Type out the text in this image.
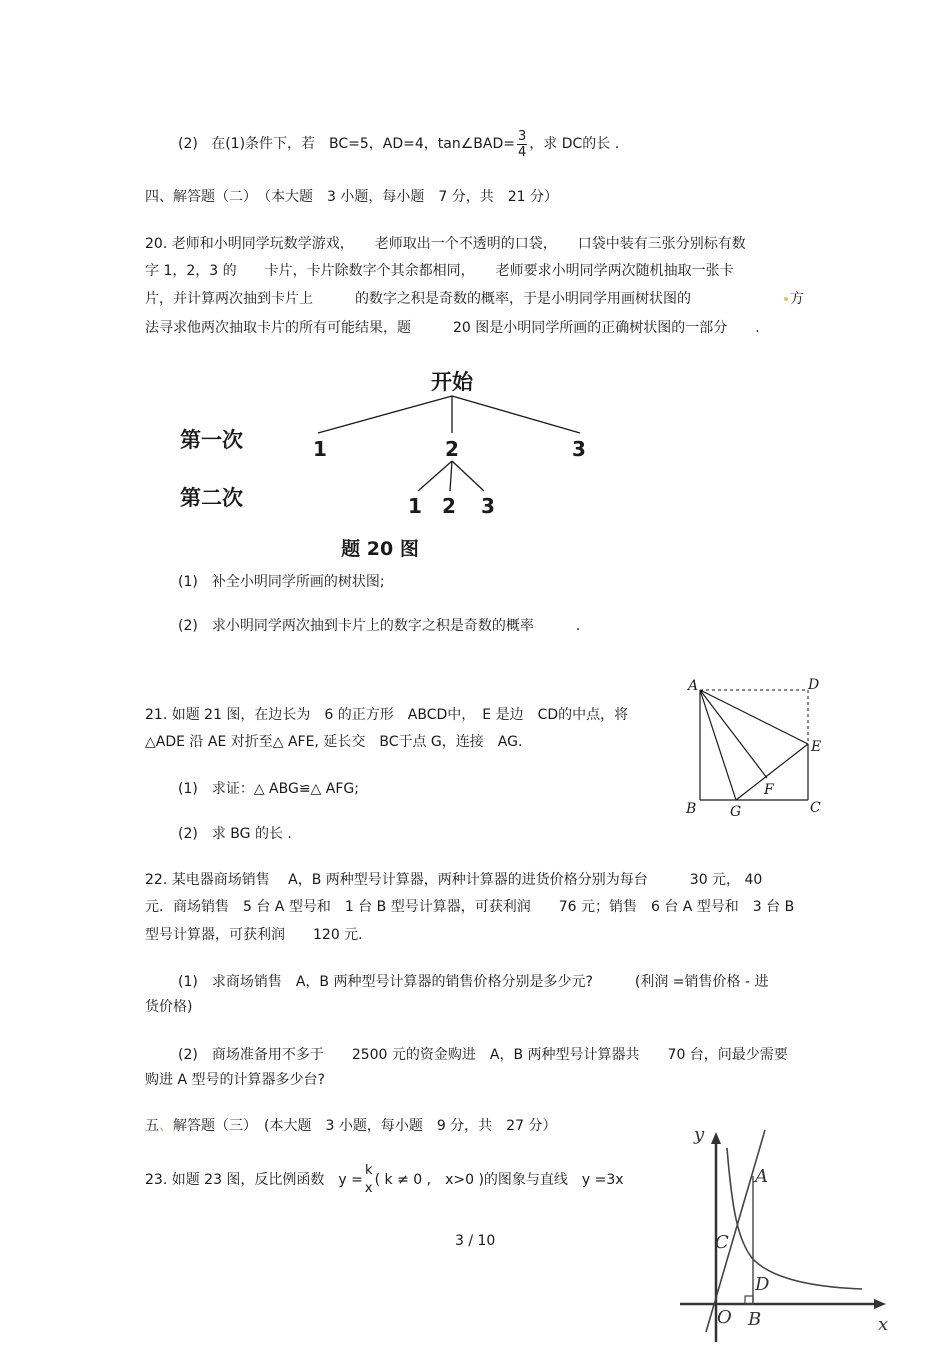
(2) 在(1)条件下，若　BC=5，AD=4，tan∠BAD= $\frac{3}{4}$ ，求 DC的长 .
四、解答题（二）　（本大题　3 小题，每小题　7 分，共　21 分）
20. 老师和小明同学玩数学游戏，　　老师取出一个不透明的口袋，　　口袋中装有三张分别标有数
字 1，2，3 的　　卡片，卡片除数字个其余都相同，　　老师要求小明同学两次随机抽取一张卡
片，并计算两次抽到卡片上　　　的数字之积是奇数的概率，于是小明同学用画树状图的	方
法寻求他两次抽取卡片的所有可能结果，题　　　20 图是小明同学所画的正确树状图的一部分　　.
开始
第一次	1	2	3
第二次	1 2 3
题 20 图
(1)　补全小明同学所画的树状图;
(2)　求小明同学两次抽到卡片上的数字之积是奇数的概率　　　.
21. 如题 21 图，在边长为　6 的正方形　ABCD中，　E 是边　CD的中点，将
△ADE 沿 AE 对折至△ AFE, 延长交　BC于点 G，连接　AG.
(1)　求证：△ ABG≌△ AFG;
(2)　求 BG 的长 .
A	D
E
F
B G	C
22. 某电器商场销售　 A，B 两种型号计算器，两种计算器的进货价格分别为每台　　　30 元， 40
元．商场销售　5 台 A 型号和　1 台 B 型号计算器，可获利润　　76 元；销售　6 台 A 型号和　3 台 B
型号计算器，可获利润　　120 元．
(1)　求商场销售　A，B 两种型号计算器的销售价格分别是多少元?　　　(利润 =销售价格 - 进
货价格)
(2)　商场准备用不多于　　2500 元的资金购进　A，B 两种型号计算器共　　70 台，问最少需要
购进 A 型号的计算器多少台?
五、解答题（三）　(本大题　3 小题，每小题　9 分，共　27 分）
23. 如题 23 图，反比例函数　y =
k
x
( k ≠ 0 ,　x>0 )的图象与直线　y =3x
y
A
C
D
O B	x
3 / 10
